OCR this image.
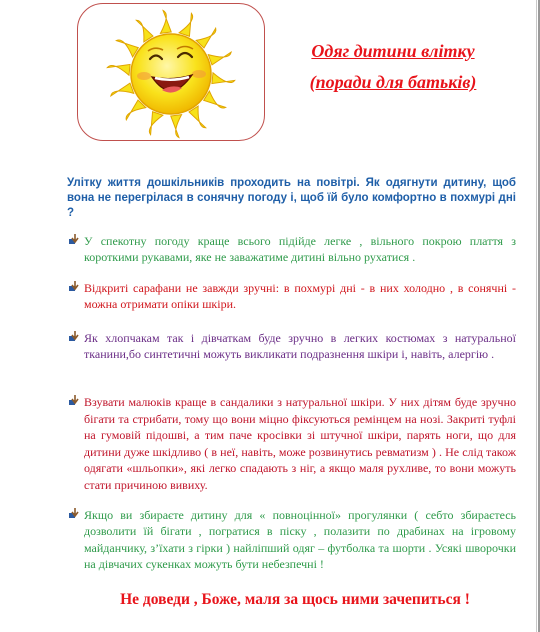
Одяг дитини влітку
(поради для батьків)
Улітку життя дошкільників проходить на повітрі. Як одягнути дитину, щоб вона не перегрілася в сонячну погоду і, щоб їй було комфортно в похмурі дні ?
У спекотну погоду краще всього підійде легке , вільного покрою плаття з короткими рукавами, яке не заважатиме дитині вільно рухатися .
Відкриті сарафани не завжди зручні: в похмурі дні - в них холодно , в сонячні - можна отримати опіки шкіри.
Як хлопчакам так і дівчаткам буде зручно в легких костюмах з натуральної тканини,бо синтетичні можуть викликати подразнення шкіри і, навіть, алергію .
Взувати малюків краще в сандалики з натуральної шкіри. У них дітям буде зручно бігати та стрибати, тому що вони міцно фіксуються ремінцем на нозі. Закриті туфлі на гумовій підошві, а тим паче кросівки зі штучної шкіри, парять ноги, що для дитини дуже шкідливо ( в неї, навіть, може розвинутись ревматизм ) . Не слід також одягати «шльопки», які легко спадають з ніг, а якщо маля рухливе, то вони можуть стати причиною вивиху.
Якщо ви збираєте дитину для « повноцінної» прогулянки ( себто збираєтесь дозволити їй бігати , погратися в піску , полазити по драбинах на ігровому майданчику, з’їхати з гірки ) найліпший одяг – футболка та шорти . Усякі шворочки на дівчачих сукенках можуть бути небезпечні !
Не доведи , Боже, маля за щось ними зачепиться !
